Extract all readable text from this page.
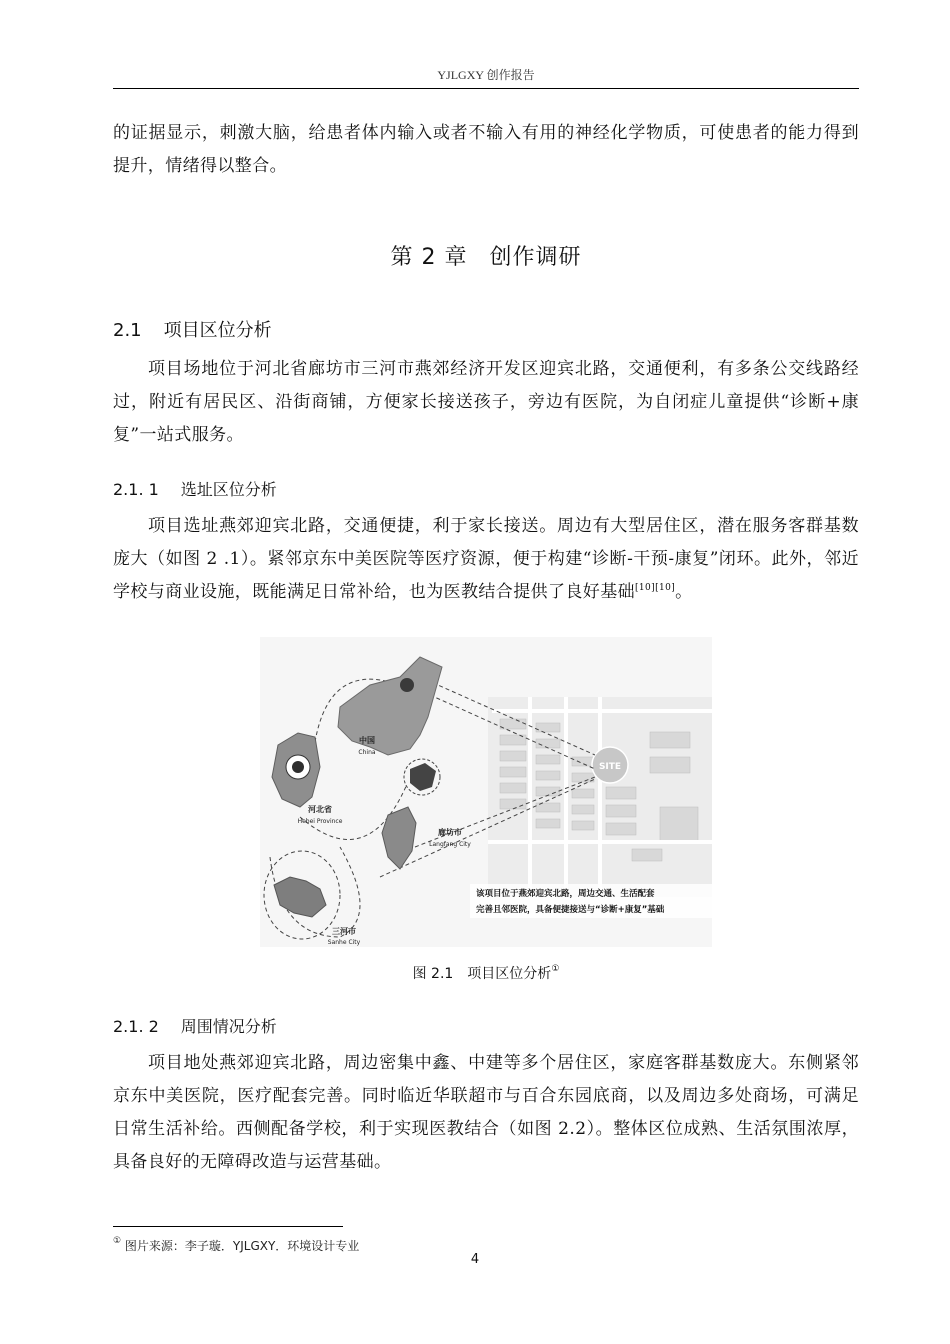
YJLGXY 创作报告

的证据显示，刺激大脑，给患者体内输入或者不输入有用的神经化学物质，可使患者的能力得到提升，情绪得以整合。

第 2 章 创作调研
2.1 项目区位分析

项目场地位于河北省廊坊市三河市燕郊经济开发区迎宾北路，交通便利，有多条公交线路经过，附近有居民区、沿街商铺，方便家长接送孩子，旁边有医院，为自闭症儿童提供“诊断+康复”一站式服务。

2.1. 1 选址区位分析

项目选址燕郊迎宾北路，交通便捷，利于家长接送。周边有大型居住区，潜在服务客群基数庞大（如图 2 .1）。紧邻京东中美医院等医疗资源，便于构建“诊断-干预-康复”闭环。此外，邻近学校与商业设施，既能满足日常补给，也为医教结合提供了良好基础[10][10]。

SITE
中国
China
河北省
Hebei Province
廊坊市
Langfang City
三河市
Sanhe City
该项目位于燕郊迎宾北路，周边交通、生活配套
完善且邻医院，具备便捷接送与“诊断+康复”基础
图 2.1　项目区位分析①
2.1. 2 周围情况分析

项目地处燕郊迎宾北路，周边密集中鑫、中建等多个居住区，家庭客群基数庞大。东侧紧邻京东中美医院，医疗配套完善。同时临近华联超市与百合东园底商，以及周边多处商场，可满足日常生活补给。西侧配备学校，利于实现医教结合（如图 2.2）。整体区位成熟、生活氛围浓厚，具备良好的无障碍改造与运营基础。

① 图片来源：李子璇．YJLGXY．环境设计专业
4
